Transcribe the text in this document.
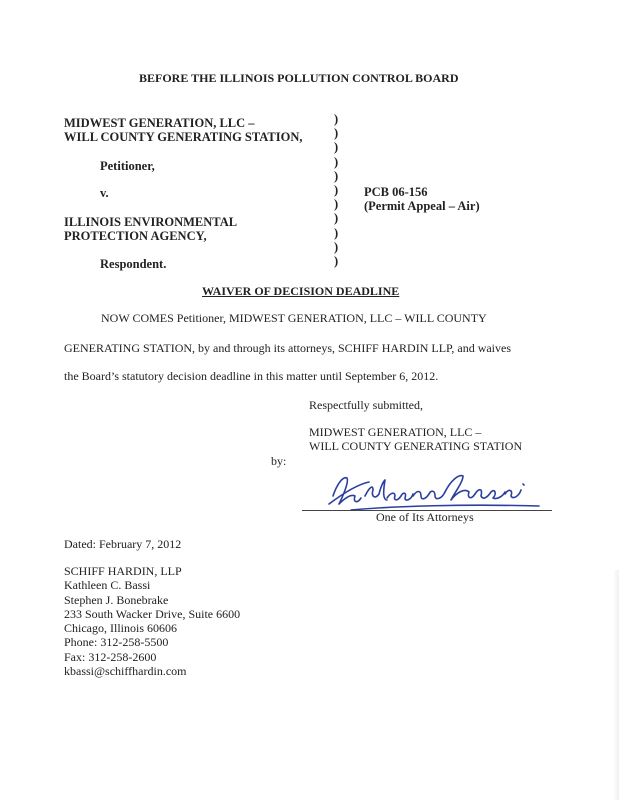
BEFORE THE ILLINOIS POLLUTION CONTROL BOARD
MIDWEST GENERATION, LLC –
WILL COUNTY GENERATING STATION,
Petitioner,
v.
ILLINOIS ENVIRONMENTAL
PROTECTION AGENCY,
Respondent.
)
)
)
)
)
)
)
)
)
)
)
PCB 06-156
(Permit Appeal – Air)
WAIVER OF DECISION DEADLINE
NOW COMES Petitioner, MIDWEST GENERATION, LLC – WILL COUNTY
GENERATING STATION, by and through its attorneys, SCHIFF HARDIN LLP, and waives
the Board’s statutory decision deadline in this matter until September 6, 2012.
Respectfully submitted,
MIDWEST GENERATION, LLC –
WILL COUNTY GENERATING STATION
by:
One of Its Attorneys
Dated: February 7, 2012
SCHIFF HARDIN, LLP
Kathleen C. Bassi
Stephen J. Bonebrake
233 South Wacker Drive, Suite 6600
Chicago, Illinois 60606
Phone: 312-258-5500
Fax: 312-258-2600
kbassi@schiffhardin.com
